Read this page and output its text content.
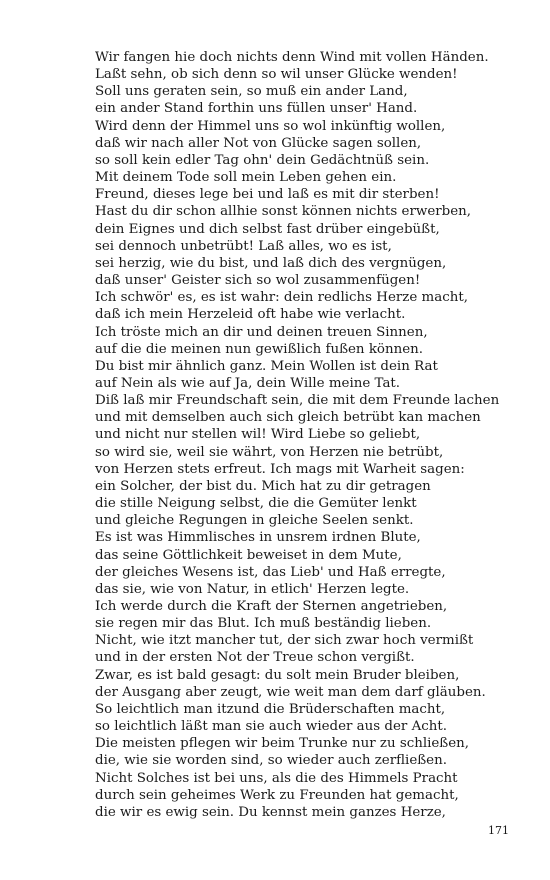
Wir fangen hie doch nichts denn Wind mit vollen Händen.
Laßt sehn, ob sich denn so wil unser Glücke wenden!
Soll uns geraten sein, so muß ein ander Land,
ein ander Stand forthin uns füllen unser' Hand.
Wird denn der Himmel uns so wol inkünftig wollen,
daß wir nach aller Not von Glücke sagen sollen,
so soll kein edler Tag ohn' dein Gedächtnüß sein.
Mit deinem Tode soll mein Leben gehen ein.
Freund, dieses lege bei und laß es mit dir sterben!
Hast du dir schon allhie sonst können nichts erwerben,
dein Eignes und dich selbst fast drüber eingebüßt,
sei dennoch unbetrübt! Laß alles, wo es ist,
sei herzig, wie du bist, und laß dich des vergnügen,
daß unser' Geister sich so wol zusammenfügen!
Ich schwör' es, es ist wahr: dein redlichs Herze macht,
daß ich mein Herzeleid oft habe wie verlacht.
Ich tröste mich an dir und deinen treuen Sinnen,
auf die die meinen nun gewißlich fußen können.
Du bist mir ähnlich ganz. Mein Wollen ist dein Rat
auf Nein als wie auf Ja, dein Wille meine Tat.
Diß laß mir Freundschaft sein, die mit dem Freunde lachen
und mit demselben auch sich gleich betrübt kan machen
und nicht nur stellen wil! Wird Liebe so geliebt,
so wird sie, weil sie währt, von Herzen nie betrübt,
von Herzen stets erfreut. Ich mags mit Warheit sagen:
ein Solcher, der bist du. Mich hat zu dir getragen
die stille Neigung selbst, die die Gemüter lenkt
und gleiche Regungen in gleiche Seelen senkt.
Es ist was Himmlisches in unsrem irdnen Blute,
das seine Göttlichkeit beweiset in dem Mute,
der gleiches Wesens ist, das Lieb' und Haß erregte,
das sie, wie von Natur, in etlich' Herzen legte.
Ich werde durch die Kraft der Sternen angetrieben,
sie regen mir das Blut. Ich muß beständig lieben.
Nicht, wie itzt mancher tut, der sich zwar hoch vermißt
und in der ersten Not der Treue schon vergißt.
Zwar, es ist bald gesagt: du solt mein Bruder bleiben,
der Ausgang aber zeugt, wie weit man dem darf gläuben.
So leichtlich man itzund die Brüderschaften macht,
so leichtlich läßt man sie auch wieder aus der Acht.
Die meisten pflegen wir beim Trunke nur zu schließen,
die, wie sie worden sind, so wieder auch zerfließen.
Nicht Solches ist bei uns, als die des Himmels Pracht
durch sein geheimes Werk zu Freunden hat gemacht,
die wir es ewig sein. Du kennst mein ganzes Herze,
171
